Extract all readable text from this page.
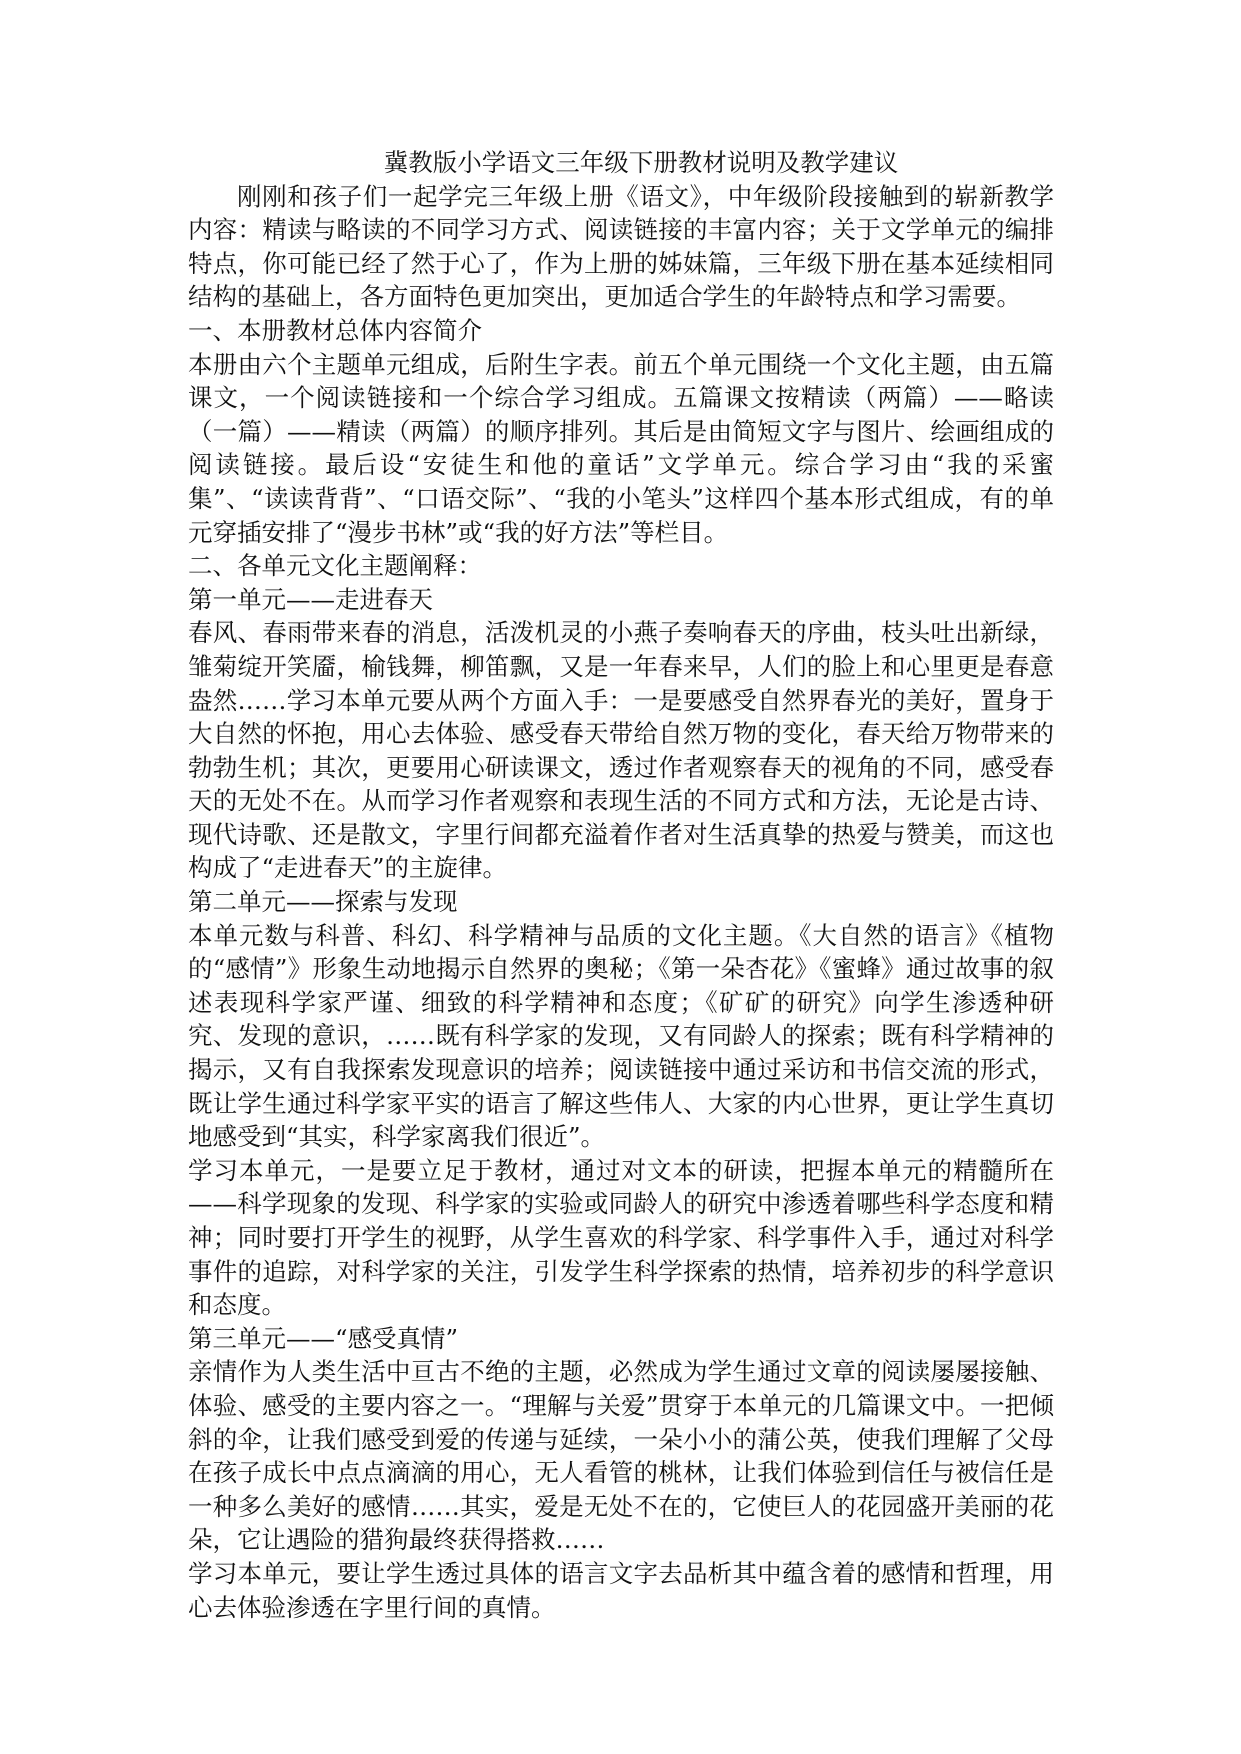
冀教版小学语文三年级下册教材说明及教学建议

刚刚和孩子们一起学完三年级上册《语文》，中年级阶段接触到的崭新教学内容：精读与略读的不同学习方式、阅读链接的丰富内容；关于文学单元的编排特点，你可能已经了然于心了，作为上册的姊妹篇，三年级下册在基本延续相同结构的基础上，各方面特色更加突出，更加适合学生的年龄特点和学习需要。

一、本册教材总体内容简介

本册由六个主题单元组成，后附生字表。前五个单元围绕一个文化主题，由五篇课文，一个阅读链接和一个综合学习组成。五篇课文按精读（两篇）——略读（一篇）——精读（两篇）的顺序排列。其后是由简短文字与图片、绘画组成的阅读链接。最后设“安徒生和他的童话”文学单元。综合学习由“我的采蜜集”、“读读背背”、“口语交际”、“我的小笔头”这样四个基本形式组成，有的单元穿插安排了“漫步书林”或“我的好方法”等栏目。

二、各单元文化主题阐释：

第一单元——走进春天

春风、春雨带来春的消息，活泼机灵的小燕子奏响春天的序曲，枝头吐出新绿，雏菊绽开笑靥，榆钱舞，柳笛飘，又是一年春来早，人们的脸上和心里更是春意盎然……学习本单元要从两个方面入手：一是要感受自然界春光的美好，置身于大自然的怀抱，用心去体验、感受春天带给自然万物的变化，春天给万物带来的勃勃生机；其次，更要用心研读课文，透过作者观察春天的视角的不同，感受春天的无处不在。从而学习作者观察和表现生活的不同方式和方法，无论是古诗、现代诗歌、还是散文，字里行间都充溢着作者对生活真挚的热爱与赞美，而这也构成了“走进春天”的主旋律。

第二单元——探索与发现

本单元数与科普、科幻、科学精神与品质的文化主题。《大自然的语言》《植物的“感情”》形象生动地揭示自然界的奥秘；《第一朵杏花》《蜜蜂》通过故事的叙述表现科学家严谨、细致的科学精神和态度；《矿矿的研究》向学生渗透种研究、发现的意识，……既有科学家的发现，又有同龄人的探索；既有科学精神的揭示，又有自我探索发现意识的培养；阅读链接中通过采访和书信交流的形式，既让学生通过科学家平实的语言了解这些伟人、大家的内心世界，更让学生真切地感受到“其实，科学家离我们很近”。

学习本单元，一是要立足于教材，通过对文本的研读，把握本单元的精髓所在——科学现象的发现、科学家的实验或同龄人的研究中渗透着哪些科学态度和精神；同时要打开学生的视野，从学生喜欢的科学家、科学事件入手，通过对科学事件的追踪，对科学家的关注，引发学生科学探索的热情，培养初步的科学意识和态度。

第三单元——“感受真情”

亲情作为人类生活中亘古不绝的主题，必然成为学生通过文章的阅读屡屡接触、体验、感受的主要内容之一。“理解与关爱”贯穿于本单元的几篇课文中。一把倾斜的伞，让我们感受到爱的传递与延续，一朵小小的蒲公英，使我们理解了父母在孩子成长中点点滴滴的用心，无人看管的桃林，让我们体验到信任与被信任是一种多么美好的感情……其实，爱是无处不在的，它使巨人的花园盛开美丽的花朵，它让遇险的猎狗最终获得搭救……

学习本单元，要让学生透过具体的语言文字去品析其中蕴含着的感情和哲理，用心去体验渗透在字里行间的真情。
